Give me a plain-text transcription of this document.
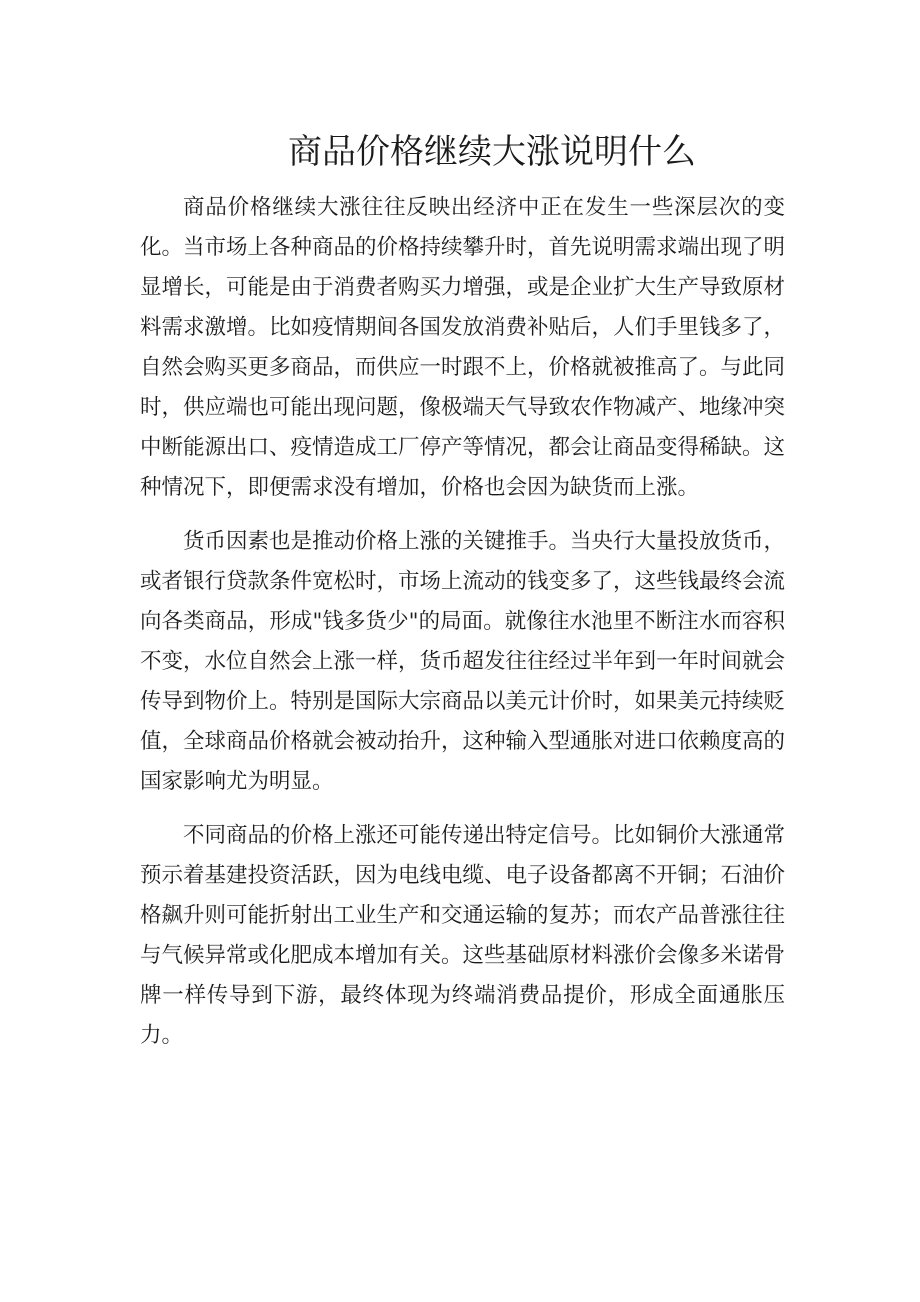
商品价格继续大涨说明什么

商品价格继续大涨往往反映出经济中正在发生一些深层次的变化。当市场上各种商品的价格持续攀升时，首先说明需求端出现了明显增长，可能是由于消费者购买力增强，或是企业扩大生产导致原材料需求激增。比如疫情期间各国发放消费补贴后，人们手里钱多了，自然会购买更多商品，而供应一时跟不上，价格就被推高了。与此同时，供应端也可能出现问题，像极端天气导致农作物减产、地缘冲突中断能源出口、疫情造成工厂停产等情况，都会让商品变得稀缺。这种情况下，即便需求没有增加，价格也会因为缺货而上涨。

货币因素也是推动价格上涨的关键推手。当央行大量投放货币，或者银行贷款条件宽松时，市场上流动的钱变多了，这些钱最终会流向各类商品，形成"钱多货少"的局面。就像往水池里不断注水而容积不变，水位自然会上涨一样，货币超发往往经过半年到一年时间就会传导到物价上。特别是国际大宗商品以美元计价时，如果美元持续贬值，全球商品价格就会被动抬升，这种输入型通胀对进口依赖度高的国家影响尤为明显。

不同商品的价格上涨还可能传递出特定信号。比如铜价大涨通常预示着基建投资活跃，因为电线电缆、电子设备都离不开铜；石油价格飙升则可能折射出工业生产和交通运输的复苏；而农产品普涨往往与气候异常或化肥成本增加有关。这些基础原材料涨价会像多米诺骨牌一样传导到下游，最终体现为终端消费品提价，形成全面通胀压力。
